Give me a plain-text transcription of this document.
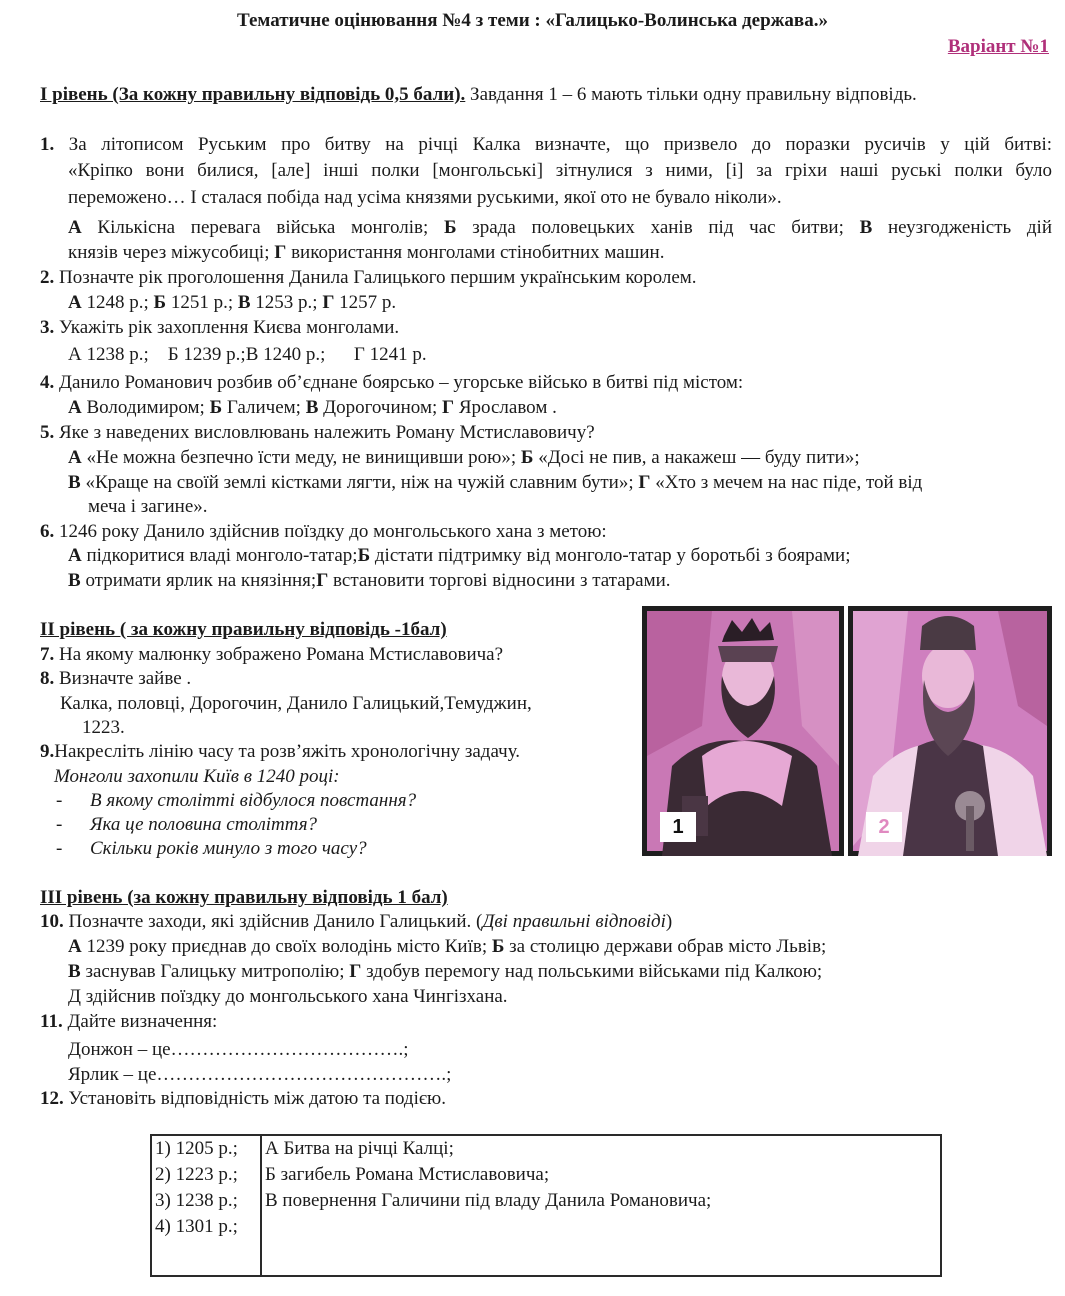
Тематичне оцінювання №4 з теми : «Галицько-Волинська держава.»
Варіант №1
І рівень (За кожну правильну відповідь 0,5 бали). Завдання 1 – 6 мають тільки одну правильну відповідь.
1. За літописом Руським про битву на річці Калка визначте, що призвело до поразки русичів у цій битві:
«Кріпко вони билися, [але] інші полки [монгольські] зітнулися з ними, [і] за гріхи наші руські полки було
переможено… І сталася побіда над усіма князями руськими, якої ото не бувало ніколи».
А Кількісна перевага війська монголів; Б зрада половецьких ханів під час битви; В неузгодженість дій
князів через міжусобиці; Г використання монголами стінобитних машин.
2. Позначте рік проголошення Данила Галицького першим українським королем.
А 1248 р.; Б 1251 р.; В 1253 р.; Г 1257 р.
3. Укажіть рік захоплення Києва монголами.
А 1238 р.;    Б 1239 р.;В 1240 р.;      Г 1241 р.
4. Данило Романович розбив об’єднане боярсько – угорське військо в битві під містом:
А Володимиром; Б Галичем; В Дорогочином; Г Ярославом .
5. Яке з наведених висловлювань належить Роману Мстиславовичу?
А «Не можна безпечно їсти меду, не винищивши рою»; Б «Досі не пив, а накажеш — буду пити»;
В «Краще на своїй землі кістками лягти, ніж на чужій славним бути»; Г «Хто з мечем на нас піде, той від
меча і загине».
6. 1246 року Данило здійснив поїздку до монгольського хана з метою:
А підкоритися владі монголо-татар;Б дістати підтримку від монголо-татар у боротьбі з боярами;
В отримати ярлик на князіння;Г встановити торгові відносини з татарами.
ІІ рівень ( за кожну правильну відповідь -1бал)
7. На якому малюнку зображено Романа Мстиславовича?
8. Визначте зайве .
Калка, половці, Дорогочин, Данило Галицький,Темуджин,
1223.
9.Накресліть лінію часу та розв’яжіть хронологічну задачу.
Монголи захопили Київ в 1240 році:
- В якому столітті відбулося повстання?
- Яка це половина століття?
- Скільки років минуло з того часу?
1	2
ІІІ рівень (за кожну правильну відповідь 1 бал)
10. Позначте заходи, які здійснив Данило Галицький. (Дві правильні відповіді)
А 1239 року приєднав до своїх володінь місто Київ; Б за столицю держави обрав місто Львів;
В заснував Галицьку митрополію; Г здобув перемогу над польськими військами під Калкою;
Д здійснив поїздку до монгольського хана Чингізхана.
11. Дайте визначення:
Донжон – це……………………………….;
Ярлик – це……………………………………….;
12. Установіть відповідність між датою та подією.
1) 1205 р.;	А Битва на річці Калці;
2) 1223 р.;	Б загибель Романа Мстиславовича;
3) 1238 р.;	В повернення Галичини під владу Данила Романовича;
4) 1301 р.;	
